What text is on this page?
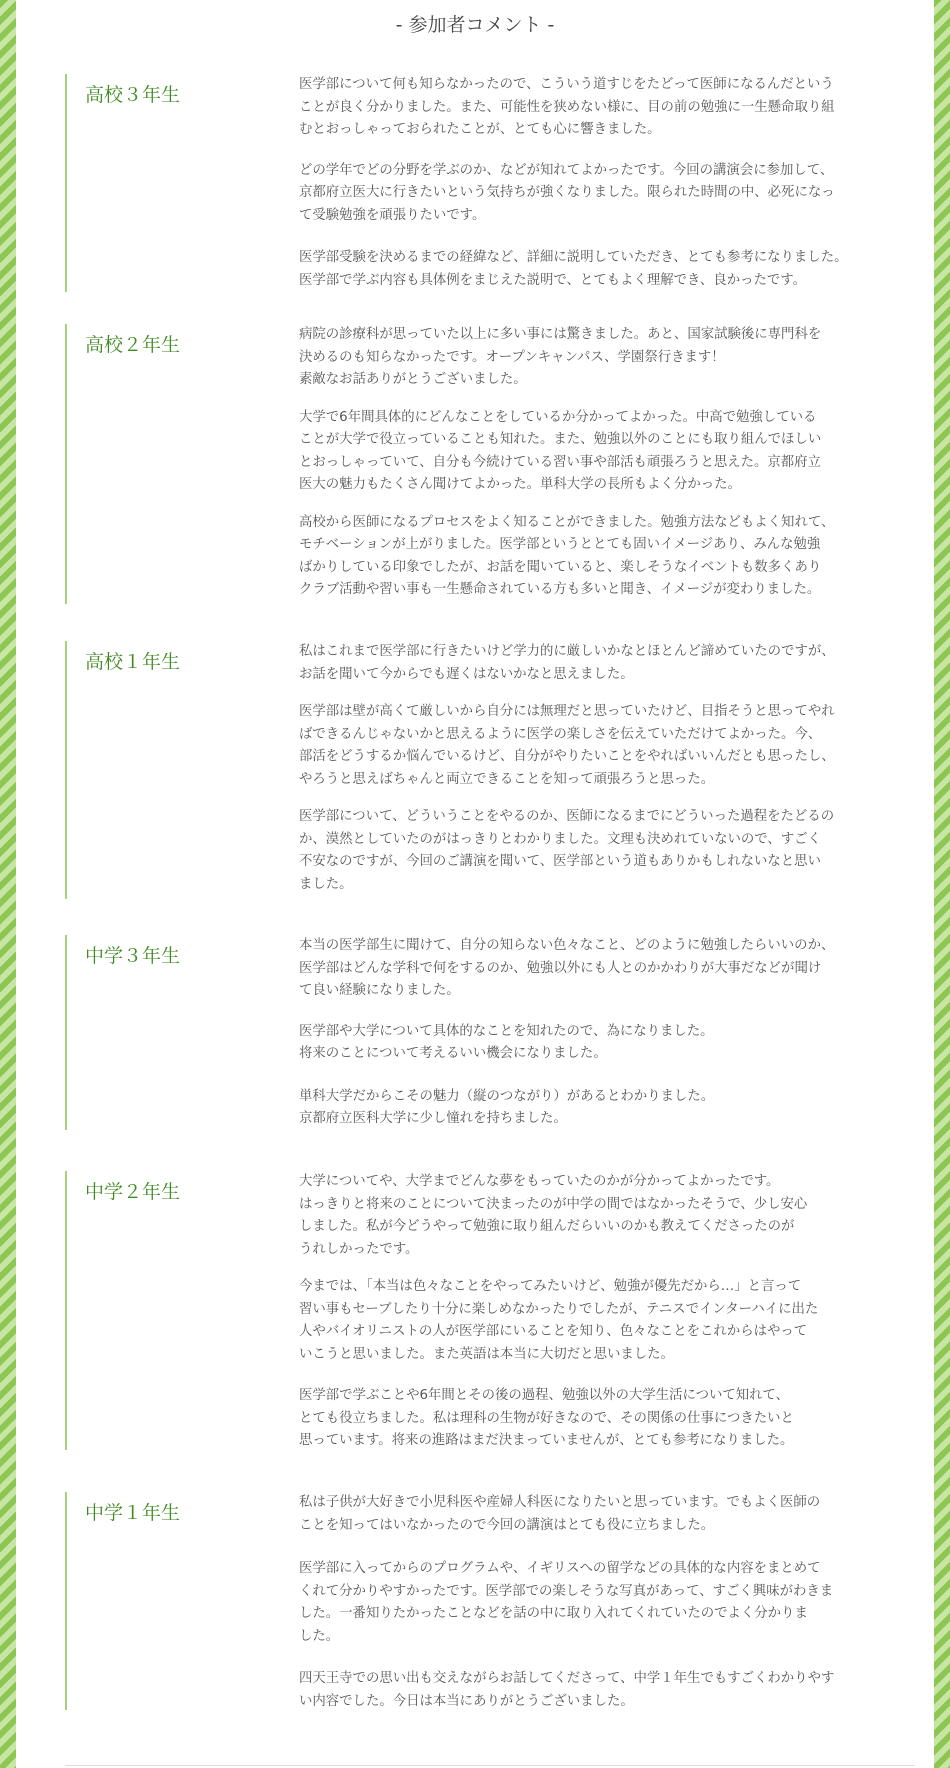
- 参加者コメント -
高校３年生	医学部について何も知らなかったので、こういう道すじをたどって医師になるんだという
ことが良く分かりました。また、可能性を狭めない様に、目の前の勉強に一生懸命取り組
むとおっしゃっておられたことが、とても心に響きました。

どの学年でどの分野を学ぶのか、などが知れてよかったです。今回の講演会に参加して、
京都府立医大に行きたいという気持ちが強くなりました。限られた時間の中、必死になっ
て受験勉強を頑張りたいです。

医学部受験を決めるまでの経緯など、詳細に説明していただき、とても参考になりました。
医学部で学ぶ内容も具体例をまじえた説明で、とてもよく理解でき、良かったです。

高校２年生	病院の診療科が思っていた以上に多い事には驚きました。あと、国家試験後に専門科を
決めるのも知らなかったです。オープンキャンパス、学園祭行きます！
素敵なお話ありがとうございました。

大学で6年間具体的にどんなことをしているか分かってよかった。中高で勉強している
ことが大学で役立っていることも知れた。また、勉強以外のことにも取り組んでほしい
とおっしゃっていて、自分も今続けている習い事や部活も頑張ろうと思えた。京都府立
医大の魅力もたくさん聞けてよかった。単科大学の長所もよく分かった。

高校から医師になるプロセスをよく知ることができました。勉強方法などもよく知れて、
モチベーションが上がりました。医学部というととても固いイメージあり、みんな勉強
ばかりしている印象でしたが、お話を聞いていると、楽しそうなイベントも数多くあり
クラブ活動や習い事も一生懸命されている方も多いと聞き、イメージが変わりました。

高校１年生	私はこれまで医学部に行きたいけど学力的に厳しいかなとほとんど諦めていたのですが、
お話を聞いて今からでも遅くはないかなと思えました。

医学部は壁が高くて厳しいから自分には無理だと思っていたけど、目指そうと思ってやれ
ばできるんじゃないかと思えるように医学の楽しさを伝えていただけてよかった。今、
部活をどうするか悩んでいるけど、自分がやりたいことをやればいいんだとも思ったし、
やろうと思えばちゃんと両立できることを知って頑張ろうと思った。

医学部について、どういうことをやるのか、医師になるまでにどういった過程をたどるの
か、漠然としていたのがはっきりとわかりました。文理も決めれていないので、すごく
不安なのですが、今回のご講演を聞いて、医学部という道もありかもしれないなと思い
ました。

中学３年生	本当の医学部生に聞けて、自分の知らない色々なこと、どのように勉強したらいいのか、
医学部はどんな学科で何をするのか、勉強以外にも人とのかかわりが大事だなどが聞け
て良い経験になりました。

医学部や大学について具体的なことを知れたので、為になりました。
将来のことについて考えるいい機会になりました。

単科大学だからこその魅力（縦のつながり）があるとわかりました。
京都府立医科大学に少し憧れを持ちました。

中学２年生	大学についてや、大学までどんな夢をもっていたのかが分かってよかったです。
はっきりと将来のことについて決まったのが中学の間ではなかったそうで、少し安心
しました。私が今どうやって勉強に取り組んだらいいのかも教えてくださったのが
うれしかったです。

今までは、「本当は色々なことをやってみたいけど、勉強が優先だから…」と言って
習い事もセーブしたり十分に楽しめなかったりでしたが、テニスでインターハイに出た
人やバイオリニストの人が医学部にいることを知り、色々なことをこれからはやって
いこうと思いました。また英語は本当に大切だと思いました。

医学部で学ぶことや6年間とその後の過程、勉強以外の大学生活について知れて、
とても役立ちました。私は理科の生物が好きなので、その関係の仕事につきたいと
思っています。将来の進路はまだ決まっていませんが、とても参考になりました。

中学１年生	私は子供が大好きで小児科医や産婦人科医になりたいと思っています。でもよく医師の
ことを知ってはいなかったので今回の講演はとても役に立ちました。

医学部に入ってからのプログラムや、イギリスへの留学などの具体的な内容をまとめて
くれて分かりやすかったです。医学部での楽しそうな写真があって、すごく興味がわきま
した。一番知りたかったことなどを話の中に取り入れてくれていたのでよく分かりま
した。

四天王寺での思い出も交えながらお話してくださって、中学１年生でもすごくわかりやす
い内容でした。今日は本当にありがとうございました。
